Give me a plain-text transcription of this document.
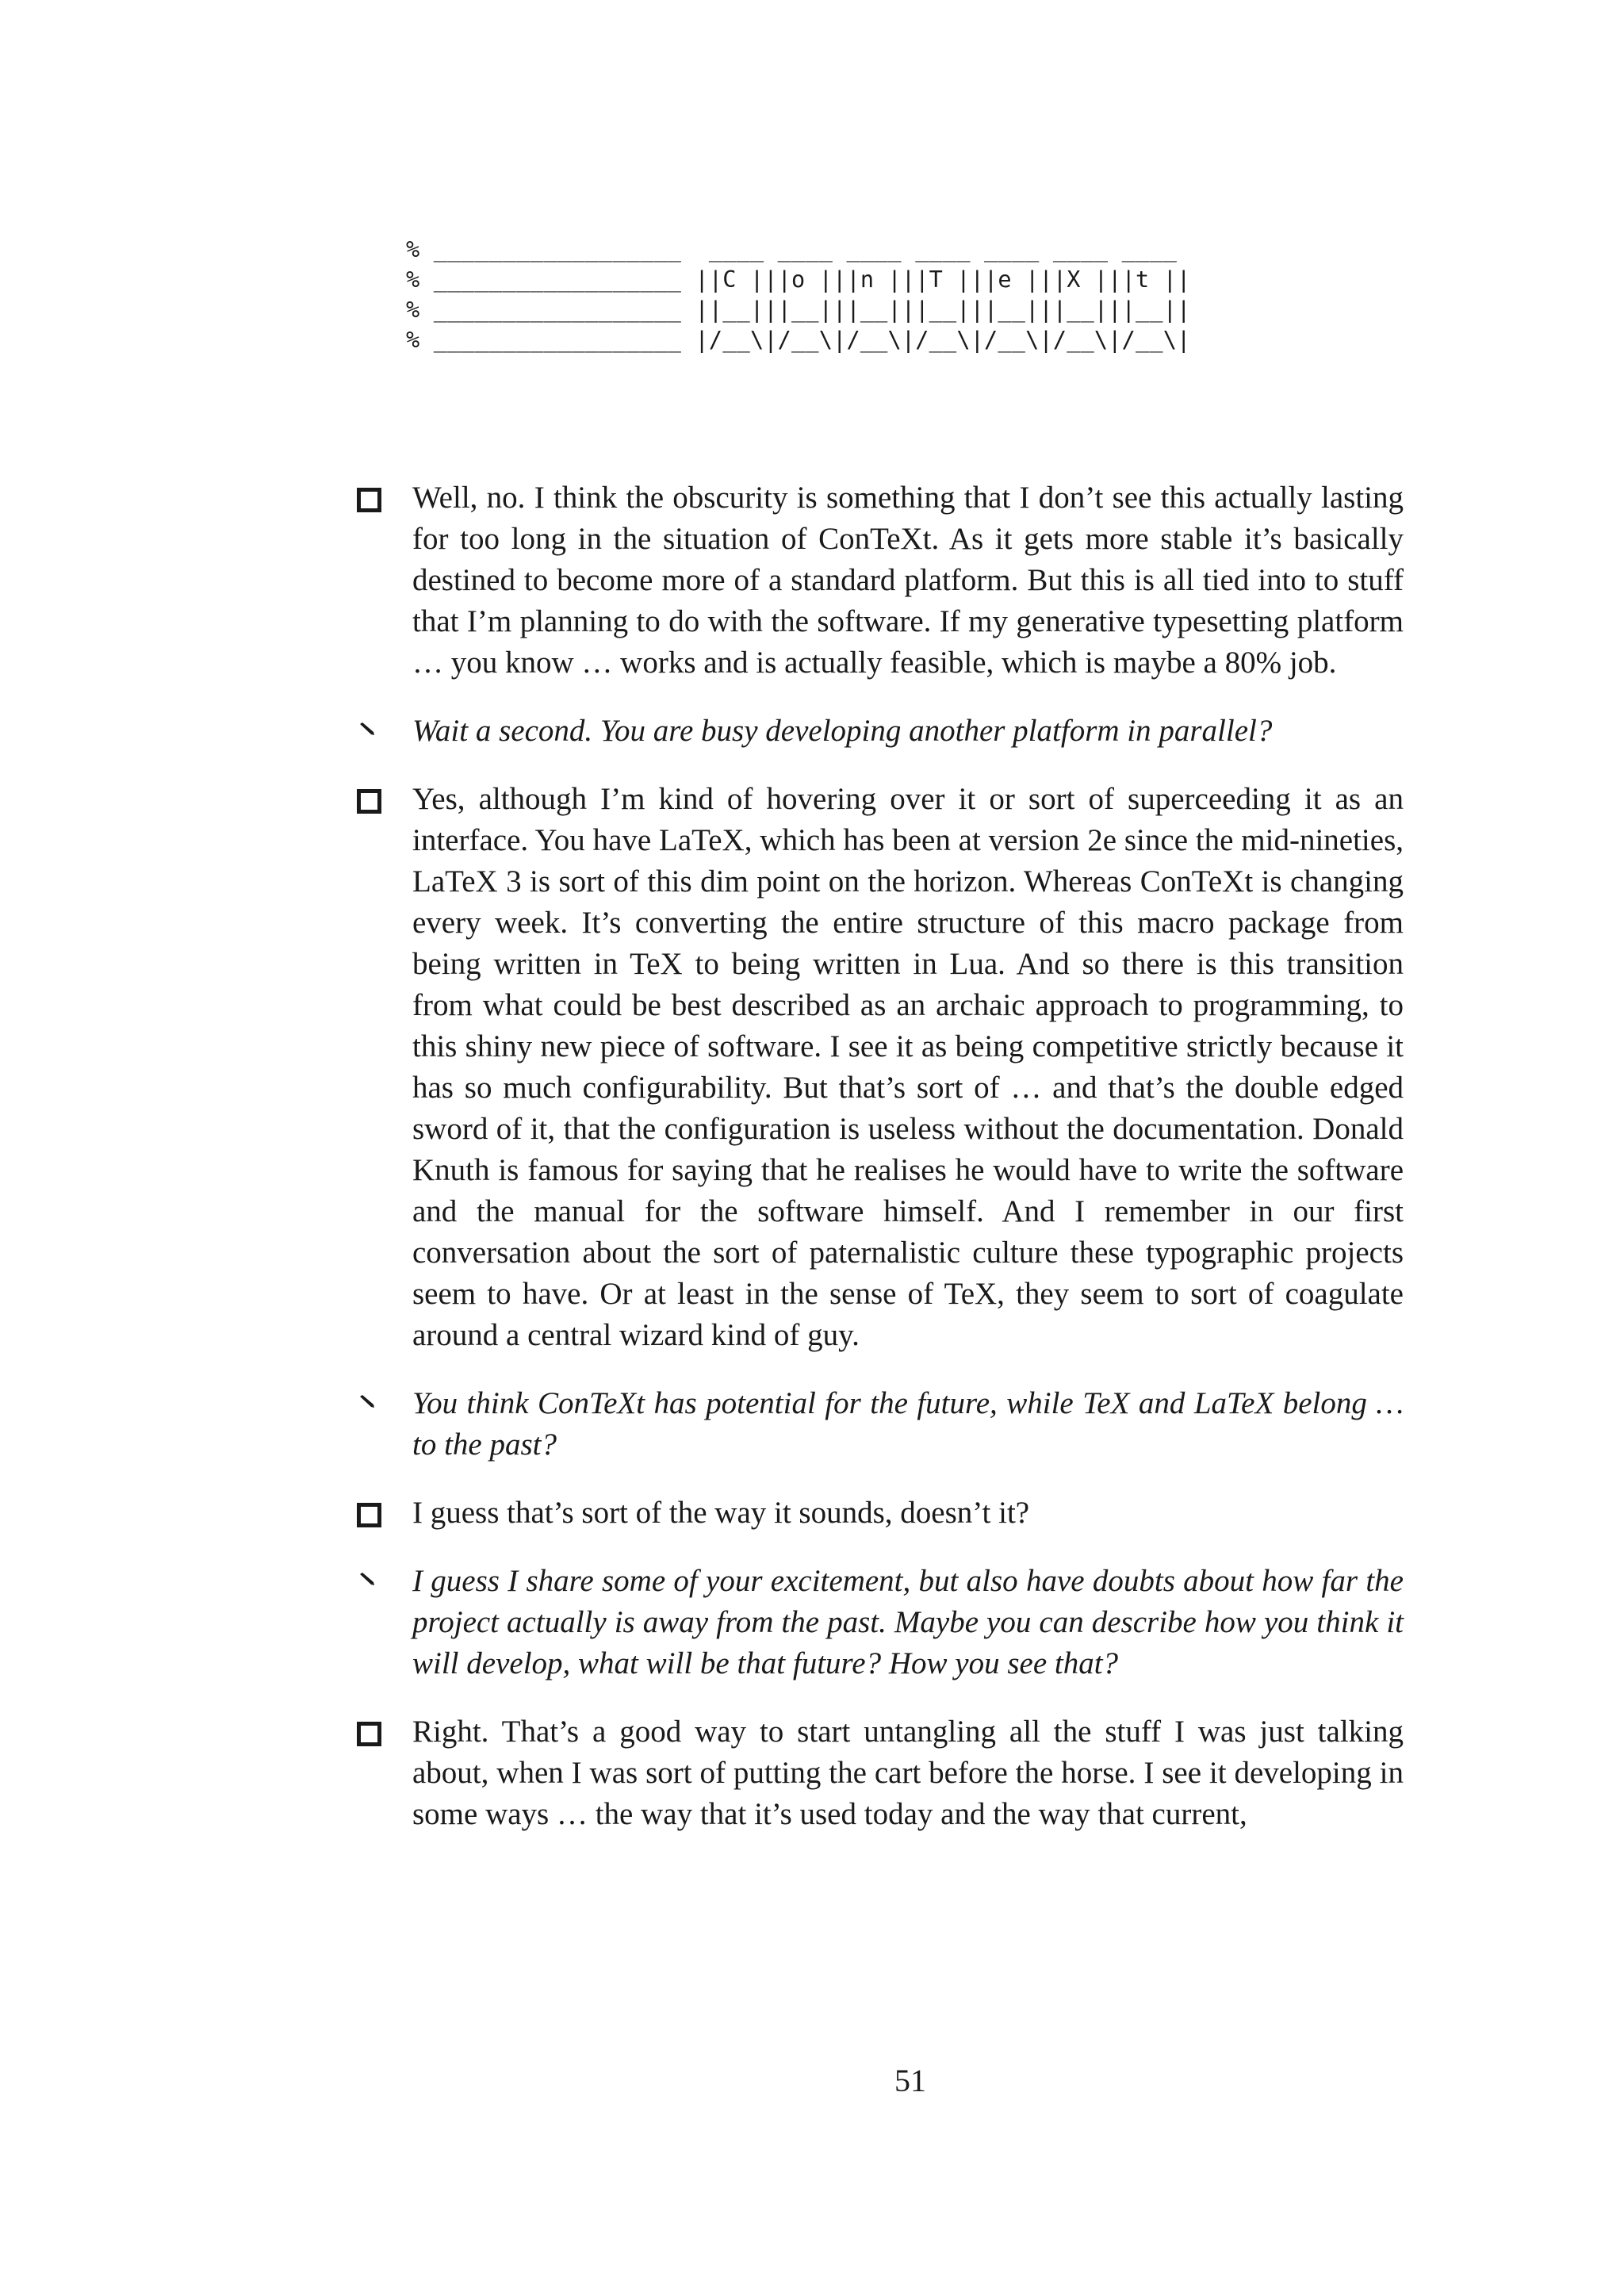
% __________________  ____ ____ ____ ____ ____ ____ ____
% __________________ ||C |||o |||n |||T |||e |||X |||t ||
% __________________ ||__|||__|||__|||__|||__|||__|||__||
% __________________ |/__\|/__\|/__\|/__\|/__\|/__\|/__\|

Well, no. I think the obscurity is something that I don’t see this actually lasting for too long in the situation of ConTeXt. As it gets more stable it’s basically destined to become more of a standard platform. But this is all tied into to stuff that I’m planning to do with the software. If my generative typesetting platform … you know … works and is actually feasible, which is maybe a 80% job.

Wait a second. You are busy developing another platform in parallel?

Yes, although I’m kind of hovering over it or sort of superceeding it as an interface. You have LaTeX, which has been at version 2e since the mid-nineties, LaTeX 3 is sort of this dim point on the horizon. Whereas ConTeXt is changing every week. It’s converting the entire structure of this macro package from being written in TeX to being written in Lua. And so there is this transition from what could be best described as an archaic approach to programming, to this shiny new piece of software. I see it as being competitive strictly because it has so much configurability. But that’s sort of … and that’s the double edged sword of it, that the configuration is useless without the documentation. Donald Knuth is famous for saying that he realises he would have to write the software and the manual for the software himself. And I remember in our first conversation about the sort of paternalistic culture these typographic projects seem to have. Or at least in the sense of TeX, they seem to sort of coagulate around a central wizard kind of guy.

You think ConTeXt has potential for the future, while TeX and LaTeX belong … to the past?

I guess that’s sort of the way it sounds, doesn’t it?

I guess I share some of your excitement, but also have doubts about how far the project actually is away from the past. Maybe you can describe how you think it will develop, what will be that future? How you see that?

Right. That’s a good way to start untangling all the stuff I was just talking about, when I was sort of putting the cart before the horse. I see it developing in some ways … the way that it’s used today and the way that current,

51
